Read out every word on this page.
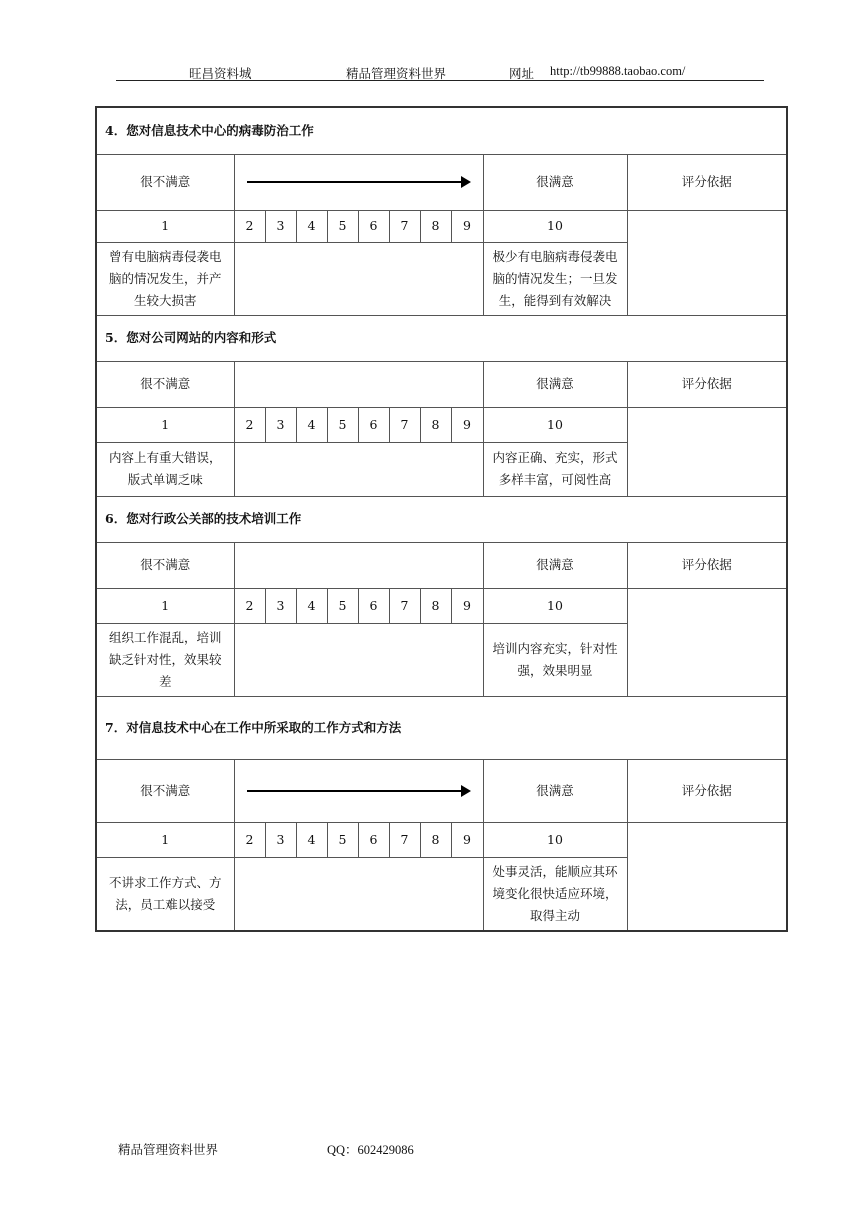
旺昌资料城	精品管理资料世界	网址 http://tb99888.taobao.com/
4．您对信息技术中心的病毒防治工作										
很不满意									很满意	评分依据
1	2	3	4	5	6	7	8	9	10	
曾有电脑病毒侵袭电脑的情况发生，并产生较大损害									极少有电脑病毒侵袭电脑的情况发生；一旦发生，能得到有效解决	
5．您对公司网站的内容和形式										
很不满意									很满意	评分依据
1	2	3	4	5	6	7	8	9	10	
内容上有重大错误，版式单调乏味									内容正确、充实，形式多样丰富，可阅性高	
6．您对行政公关部的技术培训工作										
很不满意									很满意	评分依据
1	2	3	4	5	6	7	8	9	10	
组织工作混乱，培训缺乏针对性，效果较差									培训内容充实，针对性强，效果明显	
7．对信息技术中心在工作中所采取的工作方式和方法										
很不满意									很满意	评分依据
1	2	3	4	5	6	7	8	9	10	
不讲求工作方式、方法，员工难以接受									处事灵活，能顺应其环境变化很快适应环境，取得主动	
精品管理资料世界	QQ：602429086
